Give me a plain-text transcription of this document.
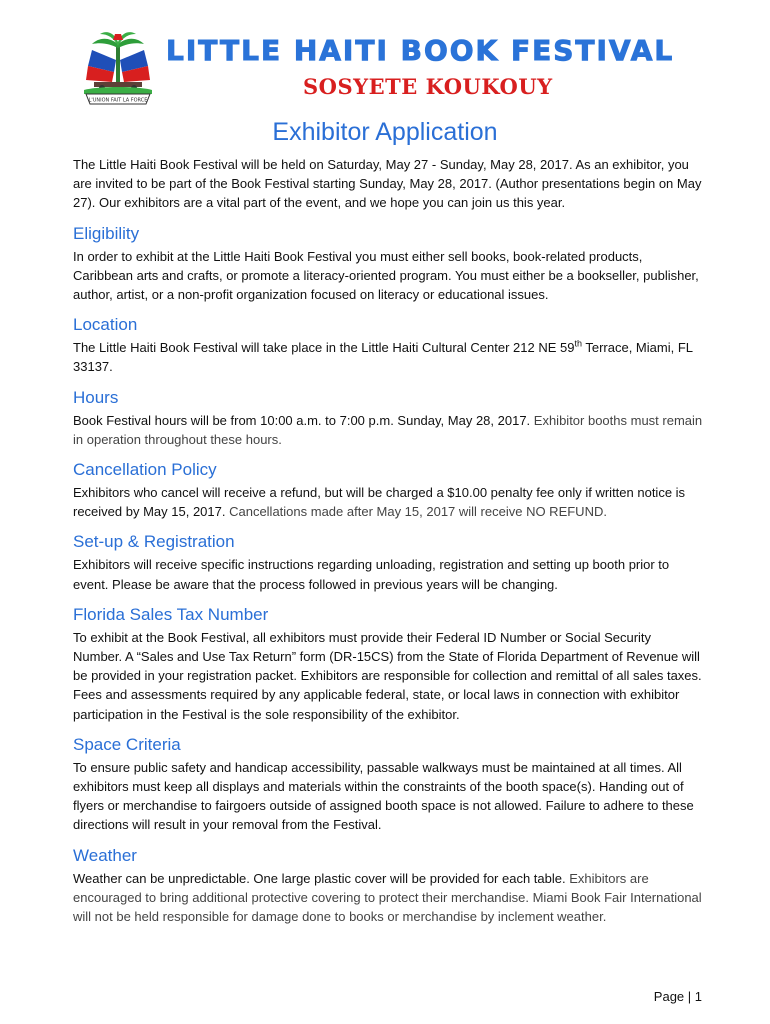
L'UNION FAIT LA FORCE
LITTLE HAITI BOOK FESTIVAL
SOSYETE KOUKOUY
Exhibitor Application

The Little Haiti Book Festival will be held on Saturday, May 27 - Sunday, May 28, 2017. As an exhibitor, you are invited to be part of the Book Festival starting Sunday, May 28, 2017. (Author presentations begin on May 27). Our exhibitors are a vital part of the event, and we hope you can join us this year.

Eligibility

In order to exhibit at the Little Haiti Book Festival you must either sell books, book-related products, Caribbean arts and crafts, or promote a literacy-oriented program. You must either be a bookseller, publisher, author, artist, or a non-profit organization focused on literacy or educational issues.

Location

The Little Haiti Book Festival will take place in the Little Haiti Cultural Center 212 NE 59th Terrace, Miami, FL 33137.

Hours

Book Festival hours will be from 10:00 a.m. to 7:00 p.m. Sunday, May 28, 2017. Exhibitor booths must remain in operation throughout these hours.

Cancellation Policy

Exhibitors who cancel will receive a refund, but will be charged a $10.00 penalty fee only if written notice is received by May 15, 2017. Cancellations made after May 15, 2017 will receive NO REFUND.

Set-up & Registration

Exhibitors will receive specific instructions regarding unloading, registration and setting up booth prior to event. Please be aware that the process followed in previous years will be changing.

Florida Sales Tax Number

To exhibit at the Book Festival, all exhibitors must provide their Federal ID Number or Social Security Number. A “Sales and Use Tax Return” form (DR-15CS) from the State of Florida Department of Revenue will be provided in your registration packet. Exhibitors are responsible for collection and remittal of all sales taxes. Fees and assessments required by any applicable federal, state, or local laws in connection with exhibitor participation in the Festival is the sole responsibility of the exhibitor.

Space Criteria

To ensure public safety and handicap accessibility, passable walkways must be maintained at all times. All exhibitors must keep all displays and materials within the constraints of the booth space(s). Handing out of flyers or merchandise to fairgoers outside of assigned booth space is not allowed. Failure to adhere to these directions will result in your removal from the Festival.

Weather

Weather can be unpredictable. One large plastic cover will be provided for each table. Exhibitors are encouraged to bring additional protective covering to protect their merchandise. Miami Book Fair International will not be held responsible for damage done to books or merchandise by inclement weather.

Page | 1
